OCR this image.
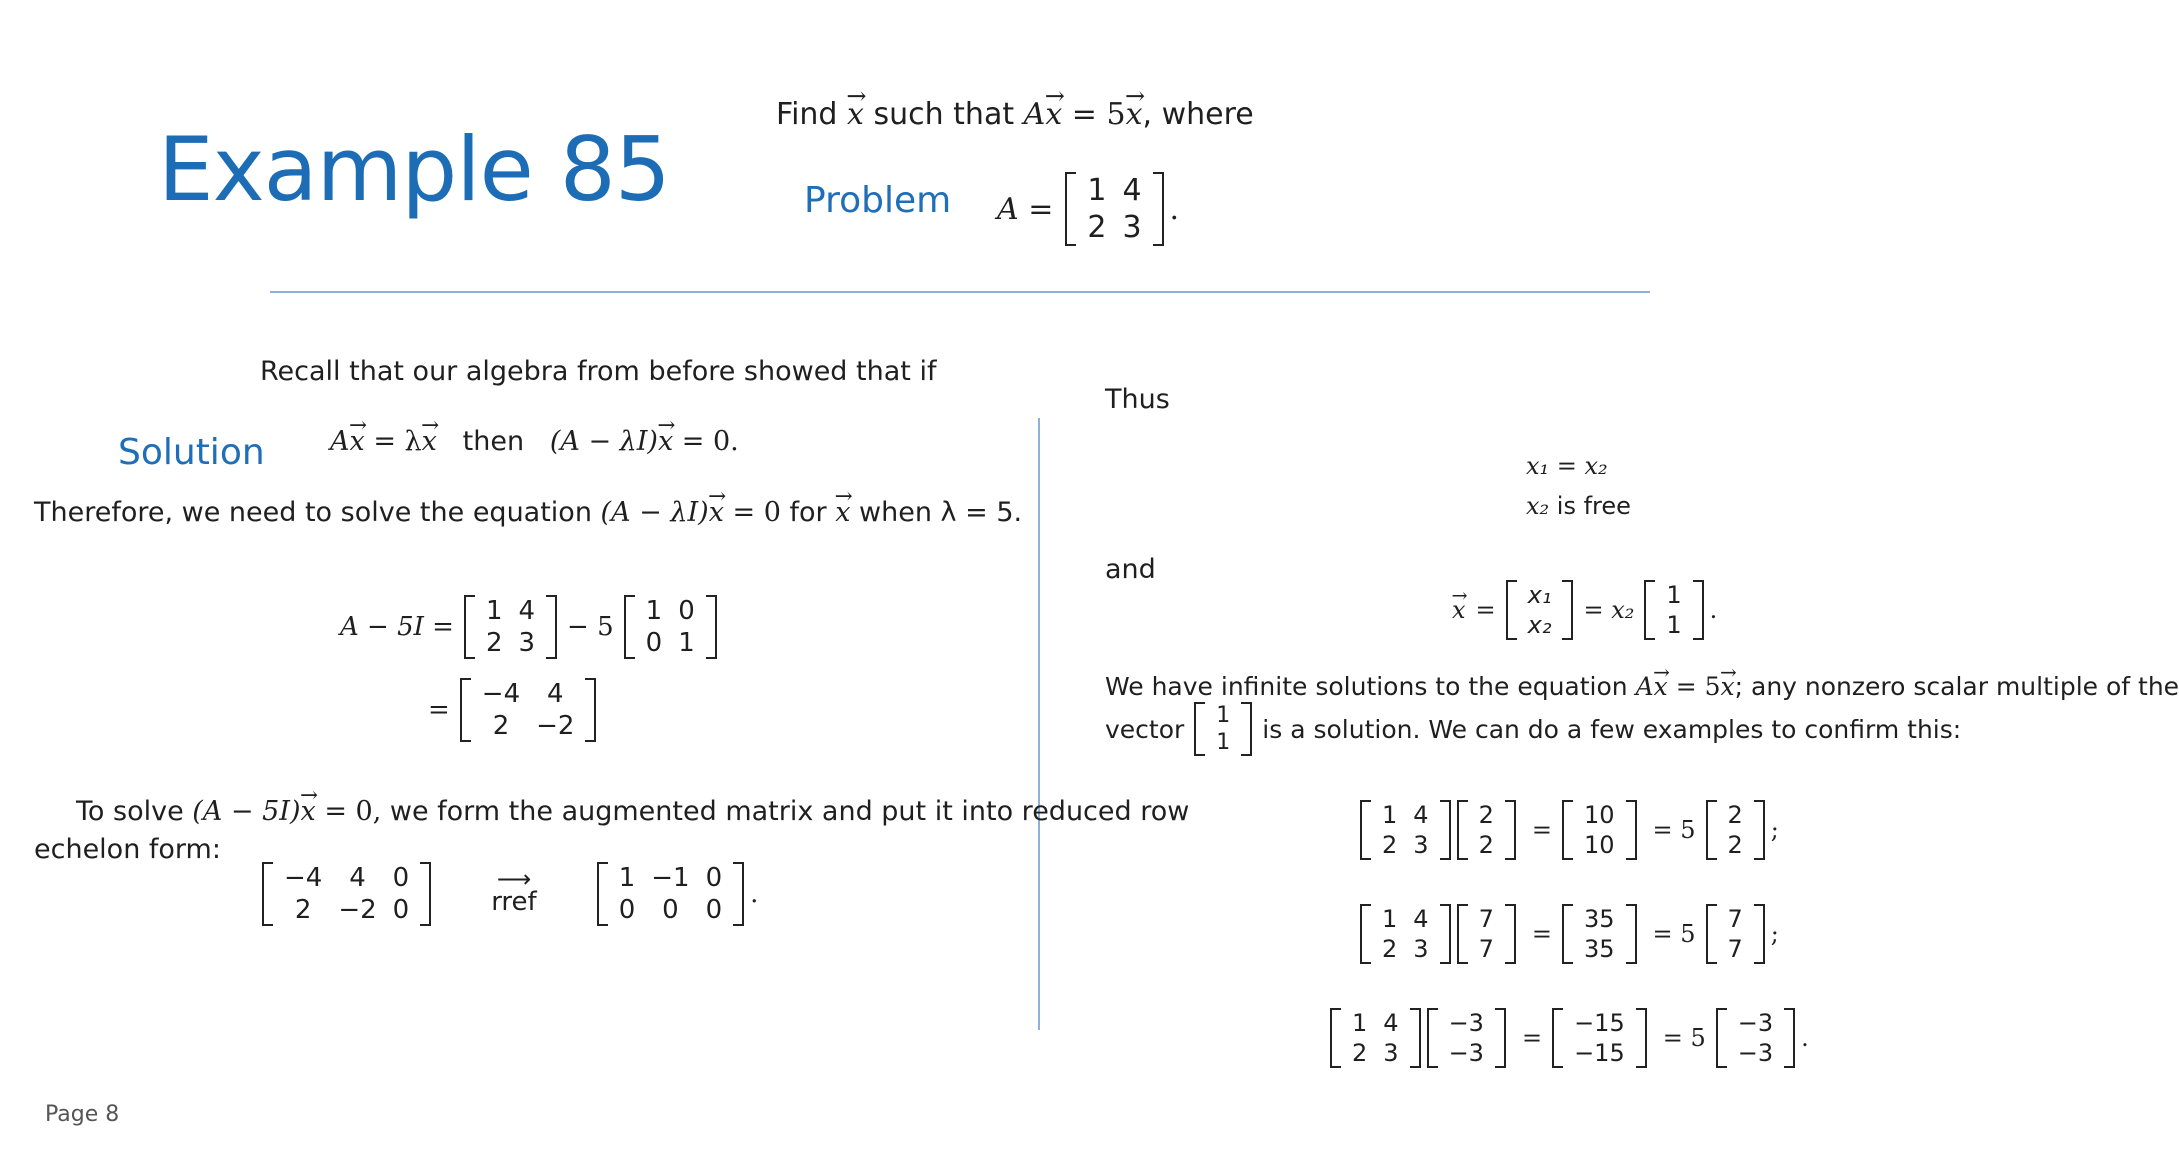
Example 85
Find → x such that A→ x = 5→ x, where
Problem A =
1	4
2	3
.
Recall that our algebra from before showed that if
Solution A→ x = λ→ x then (A − λI)→ x = 0.
Therefore, we need to solve the equation (A − λI)→ x = 0 for → x when λ = 5.
A − 5I =
1	4
2	3
− 5
1	0
0	1
=
−4	4
2	−2
To solve (A − 5I)→ x = 0, we form the augmented matrix and put it into reduced row
echelon form:
−4	4	0
2	−2	0
⟶
rref
1	−1	0
0	0	0
.
Thus
x₁ = x₂
x₂ is free
and
→ x =
x₁
x₂
= x₂
1
1
.
We have infinite solutions to the equation A→ x = 5→ x; any nonzero scalar multiple of the
vector 1
1 is a solution. We can do a few examples to confirm this:
1	4
2	3
2
2
=
10
10
= 5
2
2
;
1	4
2	3
7
7
=
35
35
= 5
7
7
;
1	4
2	3
−3
−3
=
−15
−15
= 5
−3
−3
.
Page 8
